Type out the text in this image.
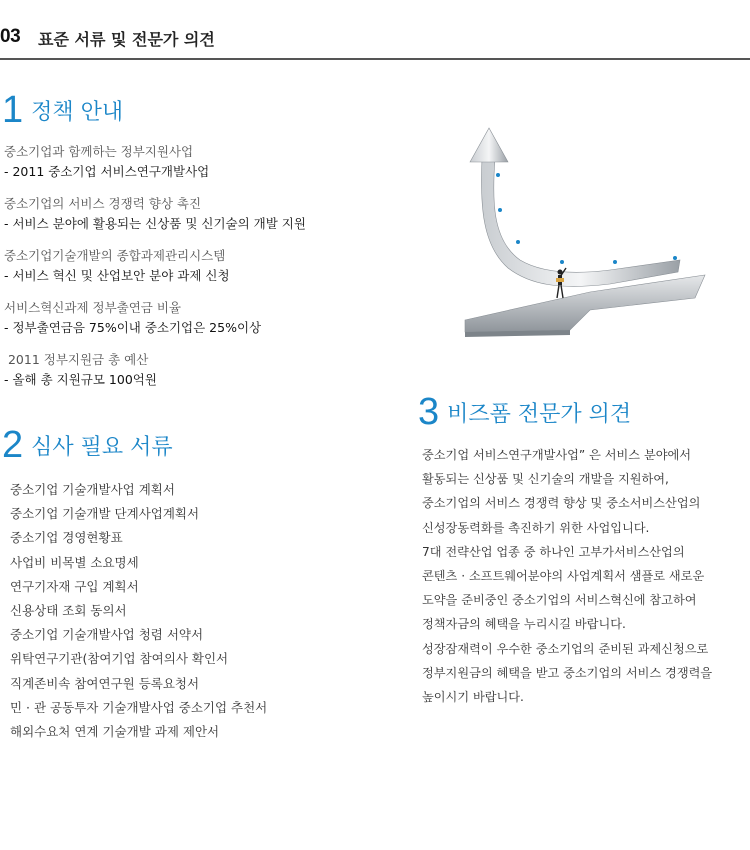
03 표준 서류 및 전문가 의견
1 정책 안내
중소기업과 함께하는 정부지원사업
- 2011 중소기업 서비스연구개발사업
중소기업의 서비스 경쟁력 향상 촉진
- 서비스 분야에 활용되는 신상품 및 신기술의 개발 지원
중소기업기술개발의 종합과제관리시스템
- 서비스 혁신 및 산업보안 분야 과제 신청
서비스혁신과제 정부출연금 비율
- 정부출연금음 75%이내 중소기업은 25%이상
2011 정부지원금 총 예산
- 올해 총 지원규모 100억원
2 심사 필요 서류
중소기업 기술개발사업 계획서
중소기업 기술개발 단계사업계획서
중소기업 경영현황표
사업비 비목별 소요명세
연구기자재 구입 계획서
신용상태 조회 동의서
중소기업 기술개발사업 청렴 서약서
위탁연구기관(참여기업 참여의사 확인서
직계존비속 참여연구원 등록요청서
민 · 관 공동투자 기술개발사업 중소기업 추천서
해외수요처 연계 기술개발 과제 제안서
3 비즈폼 전문가 의견

중소기업 서비스연구개발사업” 은 서비스 분야에서

활동되는 신상품 및 신기술의 개발을 지원하여,

중소기업의 서비스 경쟁력 향상 및 중소서비스산업의

신성장동력화를 촉진하기 위한 사업입니다.

7대 전략산업 업종 중 하나인 고부가서비스산업의

콘텐츠 · 소프트웨어분야의 사업계획서 샘플로 새로운

도약을 준비중인 중소기업의 서비스혁신에 참고하여

정책자금의 혜택을 누리시길 바랍니다.

성장잠재력이 우수한 중소기업의 준비된 과제신청으로

정부지원금의 혜택을 받고 중소기업의 서비스 경쟁력을

높이시기 바랍니다.
